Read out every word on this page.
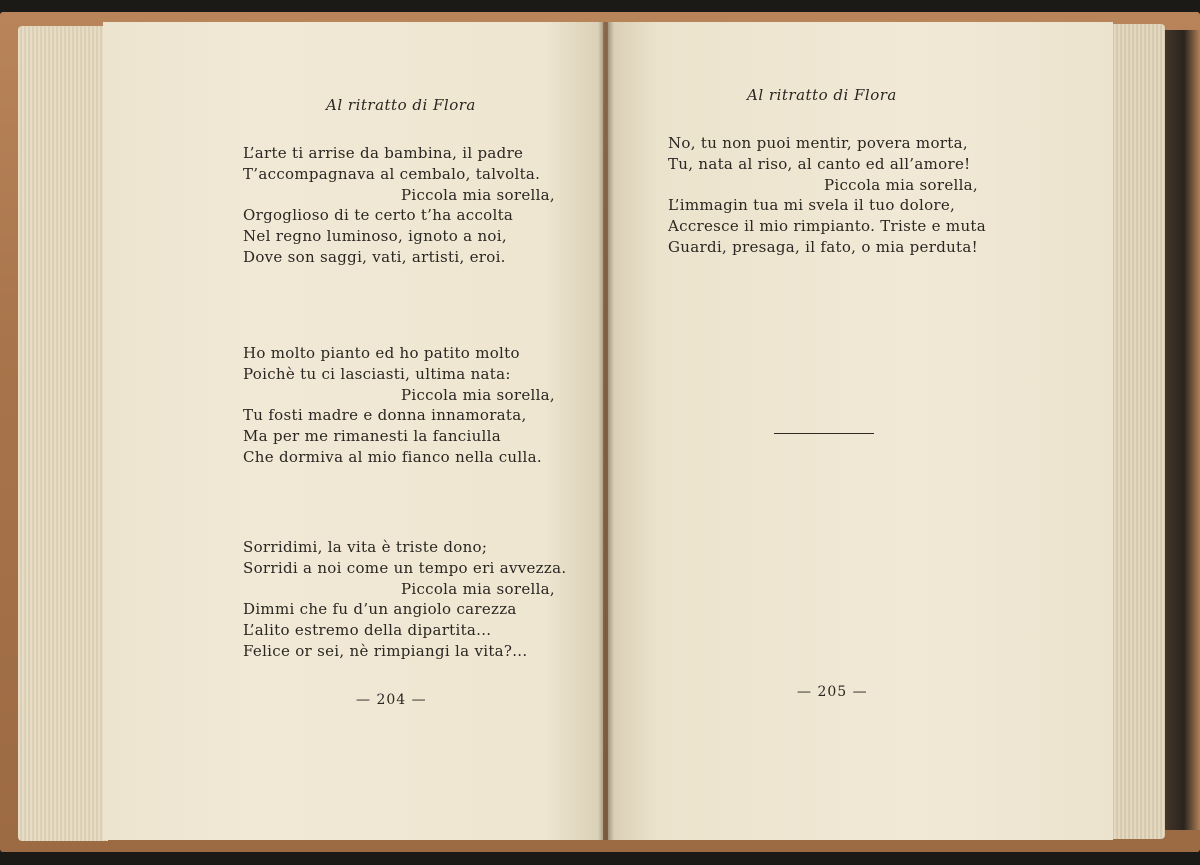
Al ritratto di Flora
L’arte ti arrise da bambina, il padre
T’accompagnava al cembalo, talvolta.
Piccola mia sorella,
Orgoglioso di te certo t’ha accolta
Nel regno luminoso, ignoto a noi,
Dove son saggi, vati, artisti, eroi.
Ho molto pianto ed ho patito molto
Poichè tu ci lasciasti, ultima nata:
Piccola mia sorella,
Tu fosti madre e donna innamorata,
Ma per me rimanesti la fanciulla
Che dormiva al mio fianco nella culla.
Sorridimi, la vita è triste dono;
Sorridi a noi come un tempo eri avvezza.
Piccola mia sorella,
Dimmi che fu d’un angiolo carezza
L’alito estremo della dipartita...
Felice or sei, nè rimpiangi la vita?...
— 204 —
Al ritratto di Flora
No, tu non puoi mentir, povera morta,
Tu, nata al riso, al canto ed all’amore!
Piccola mia sorella,
L’immagin tua mi svela il tuo dolore,
Accresce il mio rimpianto. Triste e muta
Guardi, presaga, il fato, o mia perduta!
— 205 —
